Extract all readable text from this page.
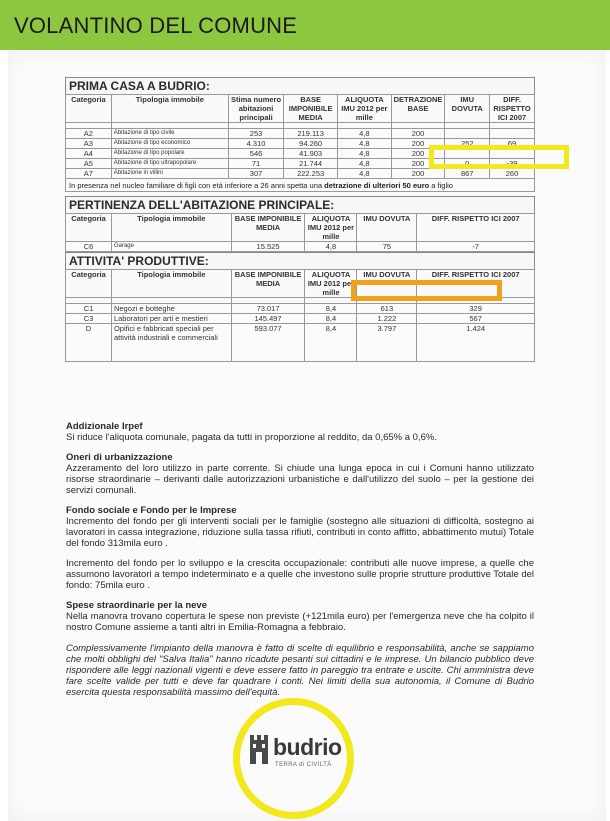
VOLANTINO DEL COMUNE
PRIMA CASA A BUDRIO:
Categoria	Tipologia immobile	Stima numero abitazioni principali	BASE IMPONIBILE MEDIA	ALIQUOTA IMU 2012 per mille	DETRAZIONE BASE	IMU DOVUTA	DIFF. RISPETTO ICI 2007

A2	Abitazione di tipo civile	253	219.113	4,8	200		
A3	Abitazione di tipo economico	4.310	94.260	4,8	200	252	69
A4	Abitazione di tipo popolare	546	41.903	4,8	200		
A5	Abitazione di tipo ultrapopolare	71	21.744	4,8	200	0	-39
A7	Abitazione in villini	307	222.253	4,8	200	867	260
In presenza nel nucleo familiare di figli con età inferiore a 26 anni spetta una detrazione di ulteriori 50 euro a figlio
PERTINENZA DELL'ABITAZIONE PRINCIPALE:
Categoria	Tipologia immobile	BASE IMPONIBILE MEDIA	ALIQUOTA IMU 2012 per mille	IMU DOVUTA	DIFF. RISPETTO ICI 2007
C6	Garage	15.525	4,8	75	-7
ATTIVITA' PRODUTTIVE:
Categoria	Tipologia immobile	BASE IMPONIBILE MEDIA	ALIQUOTA IMU 2012 per mille	IMU DOVUTA	DIFF. RISPETTO ICI 2007

C1	Negozi e botteghe	73.017	8,4	613	329
C3	Laboratori per arti e mestieri	145.497	8,4	1.222	567
D	Opifici e fabbricati speciali per attività industriali e commerciali	593.077	8,4	3.797	1.424
Addizionale Irpef
Si riduce l'aliquota comunale, pagata da tutti in proporzione al reddito, da 0,65% a 0,6%.
Oneri di urbanizzazione
Azzeramento del loro utilizzo in parte corrente. Si chiude una lunga epoca in cui i Comuni hanno utilizzato risorse straordinarie – derivanti dalle autorizzazioni urbanistiche e dall'utilizzo del suolo – per la gestione dei servizi comunali.
Fondo sociale e Fondo per le Imprese
Incremento del fondo per gli interventi sociali per le famiglie (sostegno alle situazioni di difficoltà, sostegno ai lavoratori in cassa integrazione, riduzione sulla tassa rifiuti, contributi in conto affitto, abbattimento mutui) Totale del fondo 313mila euro .
Incremento del fondo per lo sviluppo e la crescita occupazionale: contributi alle nuove imprese, a quelle che assumono lavoratori a tempo indeterminato e a quelle che investono sulle proprie strutture produttive Totale del fondo: 75mila euro .
Spese straordinarie per la neve
Nella manovra trovano copertura le spese non previste (+121mila euro) per l'emergenza neve che ha colpito il nostro Comune assieme a tanti altri in Emilia-Romagna a febbraio.
Complessivamente l'impianto della manovra è fatto di scelte di equilibrio e responsabilità, anche se sappiamo che molti obblighi del "Salva Italia" hanno ricadute pesanti sui cittadini e le imprese. Un bilancio pubblico deve rispondere alle leggi nazionali vigenti e deve essere fatto in pareggio tra entrate e uscite. Chi amministra deve fare scelte valide per tutti e deve far quadrare i conti. Nei limiti della sua autonomia, il Comune di Budrio esercita questa responsabilità massimo dell'equità.
budrio
TERRA di CIVILTÀ
